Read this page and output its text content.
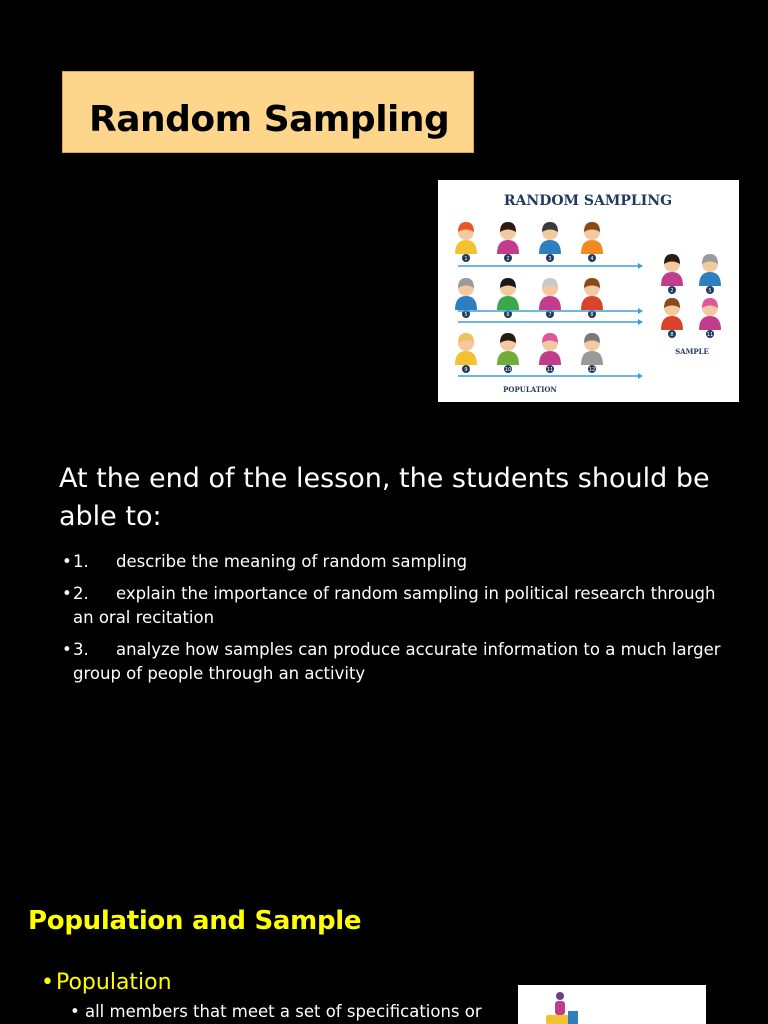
Random Sampling
RANDOM SAMPLING
1	2	3	4
5	6	7	8
9	10	11	12
2	5
8	11
POPULATION
SAMPLE
At the end of the lesson, the students should be able to:
• 1. describe the meaning of random sampling
• 2. explain the importance of random sampling in political research through an oral recitation
• 3. analyze how samples can produce accurate information to a much larger group of people through an activity
Population and Sample

•Population

• all members that meet a set of specifications or
